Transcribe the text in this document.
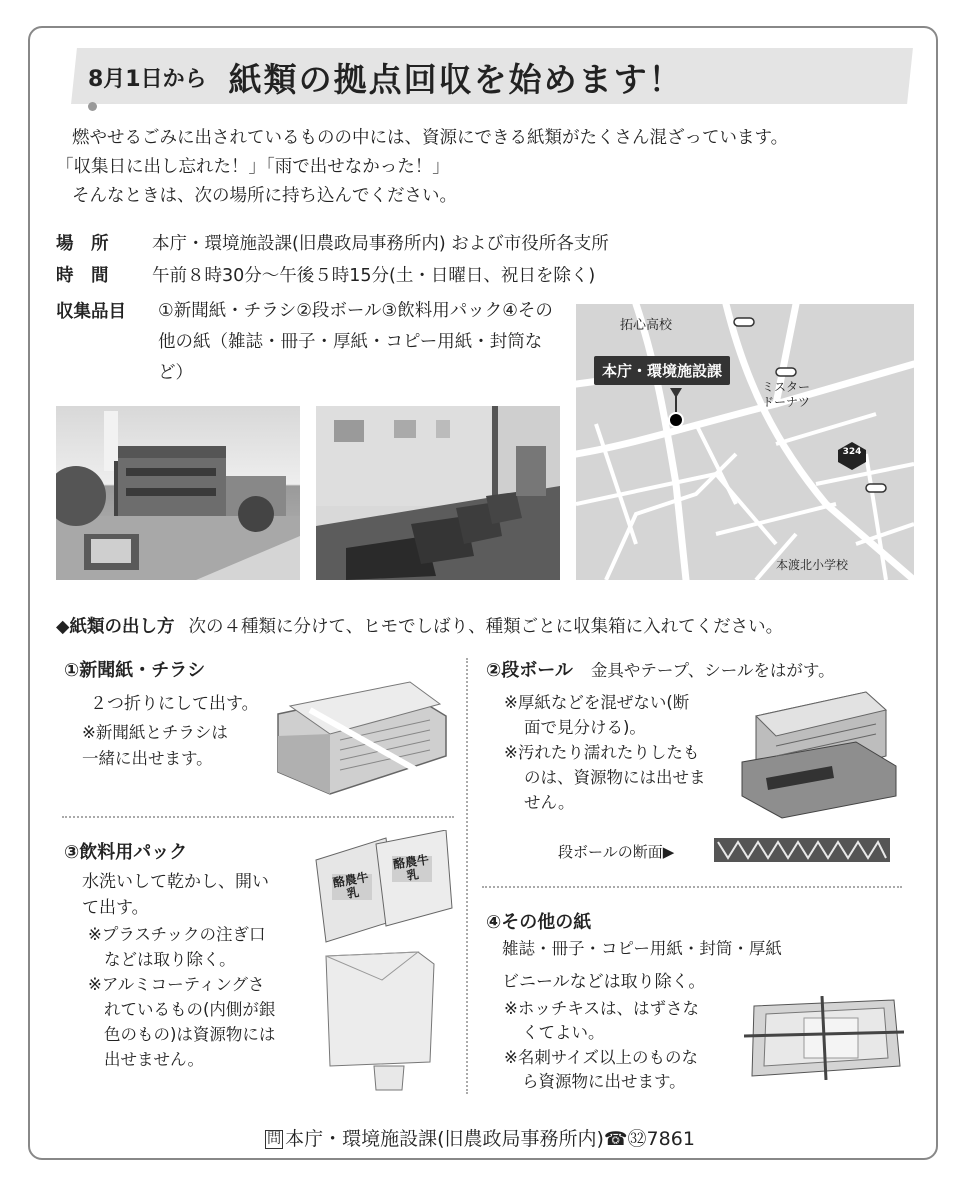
8月1日から 紙類の拠点回収を始めます！
燃やせるごみに出されているものの中には、資源にできる紙類がたくさん混ざっています。
「収集日に出し忘れた！」「雨で出せなかった！」
そんなときは、次の場所に持ち込んでください。
場　所 本庁・環境施設課(旧農政局事務所内) および市役所各支所
時　間 午前８時30分～午後５時15分(土・日曜日、祝日を除く)
収集品目 ①新聞紙・チラシ②段ボール③飲料用パック④その他の紙（雑誌・冊子・厚紙・コピー用紙・封筒など）
拓心高校
本庁・環境施設課
ミスター
ドーナツ
324
本渡北小学校
◆紙類の出し方 次の４種類に分けて、ヒモでしばり、種類ごとに収集箱に入れてください。
①新聞紙・チラシ
２つ折りにして出す。
※新聞紙とチラシは
一緒に出せます。
②段ボール 金具やテープ、シールをはがす。
※厚紙などを混ぜない(断
面で見分ける)。
※汚れたり濡れたりしたも
のは、資源物には出せま
せん。
段ボールの断面▶
③飲料用パック
水洗いして乾かし、開い
て出す。
※プラスチックの注ぎ口
などは取り除く。
※アルミコーティングさ
れているもの(内側が銀
色のもの)は資源物には
出せません。
酪農牛乳
酪農牛乳
④その他の紙
雑誌・冊子・コピー用紙・封筒・厚紙
ビニールなどは取り除く。
※ホッチキスは、はずさな
くてよい。
※名刺サイズ以上のものな
ら資源物に出せます。
問 本庁・環境施設課(旧農政局事務所内)☎㉜7861
